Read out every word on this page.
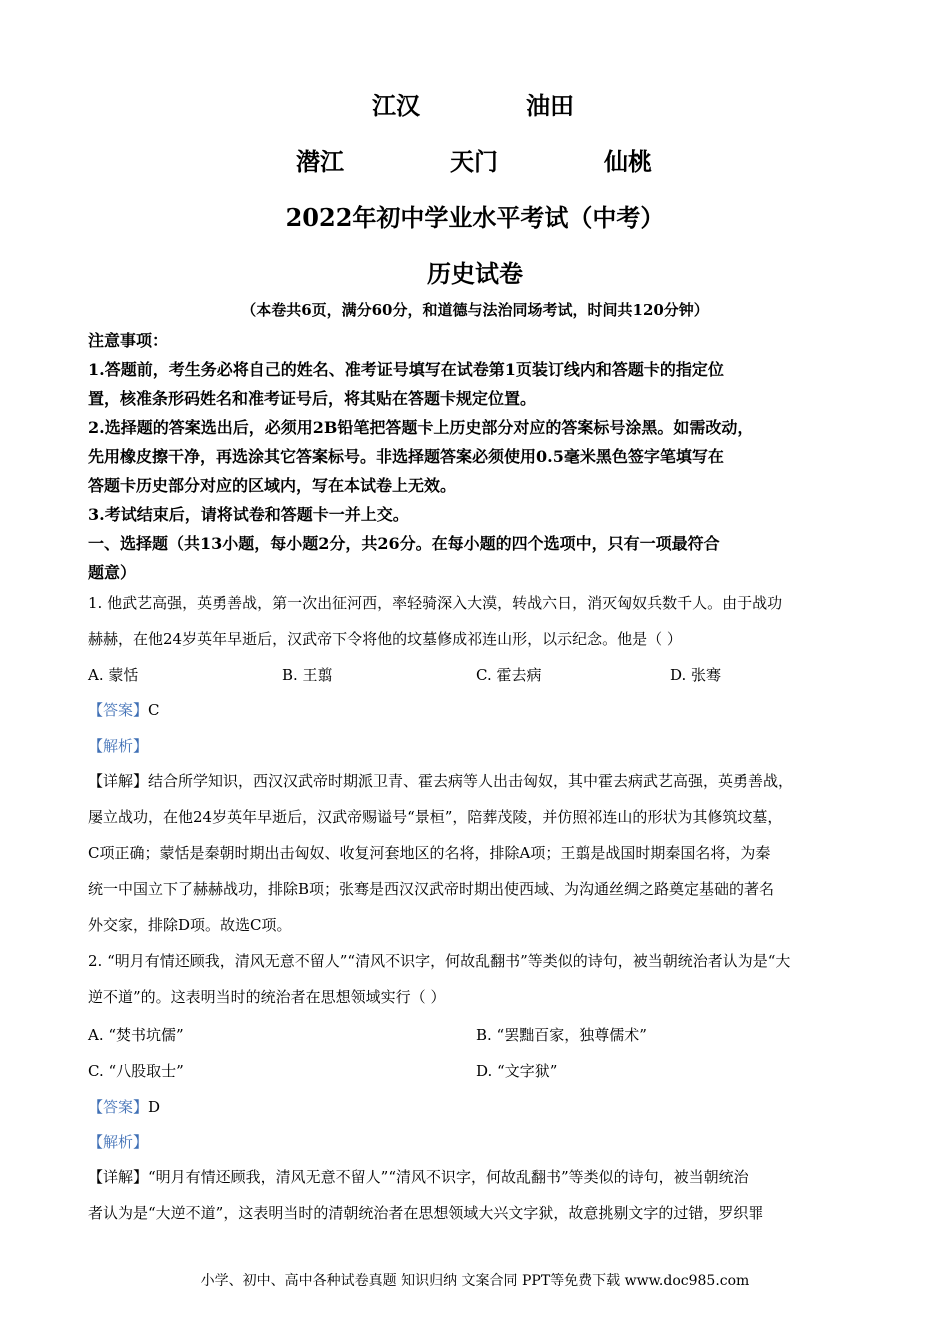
江汉	油田
潜江	天门	仙桃
2022年初中学业水平考试（中考）
历史试卷
（本卷共6页，满分60分，和道德与法治同场考试，时间共120分钟）
注意事项：
1.答题前，考生务必将自己的姓名、准考证号填写在试卷第1页装订线内和答题卡的指定位
置，核准条形码姓名和准考证号后，将其贴在答题卡规定位置。
2.选择题的答案选出后，必须用2B铅笔把答题卡上历史部分对应的答案标号涂黑。如需改动，
先用橡皮擦干净，再选涂其它答案标号。非选择题答案必须使用0.5毫米黑色签字笔填写在
答题卡历史部分对应的区域内，写在本试卷上无效。
3.考试结束后，请将试卷和答题卡一并上交。
一、选择题（共13小题，每小题2分，共26分。在每小题的四个选项中，只有一项最符合
题意）
1. 他武艺高强，英勇善战，第一次出征河西，率轻骑深入大漠，转战六日，消灭匈奴兵数千人。由于战功
赫赫，在他24岁英年早逝后，汉武帝下令将他的坟墓修成祁连山形，以示纪念。他是（ ）
A. 蒙恬	B. 王翦	C. 霍去病	D. 张骞
【答案】C
【解析】
【详解】结合所学知识，西汉汉武帝时期派卫青、霍去病等人出击匈奴，其中霍去病武艺高强，英勇善战，
屡立战功，在他24岁英年早逝后，汉武帝赐谥号“景桓”，陪葬茂陵，并仿照祁连山的形状为其修筑坟墓，
C项正确；蒙恬是秦朝时期出击匈奴、收复河套地区的名将，排除A项；王翦是战国时期秦国名将，为秦
统一中国立下了赫赫战功，排除B项；张骞是西汉汉武帝时期出使西域、为沟通丝绸之路奠定基础的著名
外交家，排除D项。故选C项。
2. “明月有情还顾我，清风无意不留人”“清风不识字，何故乱翻书”等类似的诗句，被当朝统治者认为是“大
逆不道”的。这表明当时的统治者在思想领域实行（ ）
A. “焚书坑儒”	B. “罢黜百家，独尊儒术”
C. “八股取士”	D. “文字狱”
【答案】D
【解析】
【详解】“明月有情还顾我，清风无意不留人”“清风不识字，何故乱翻书”等类似的诗句，被当朝统治
者认为是“大逆不道”，这表明当时的清朝统治者在思想领域大兴文字狱，故意挑剔文字的过错，罗织罪
小学、初中、高中各种试卷真题 知识归纳 文案合同 PPT等免费下载 www.doc985.com
